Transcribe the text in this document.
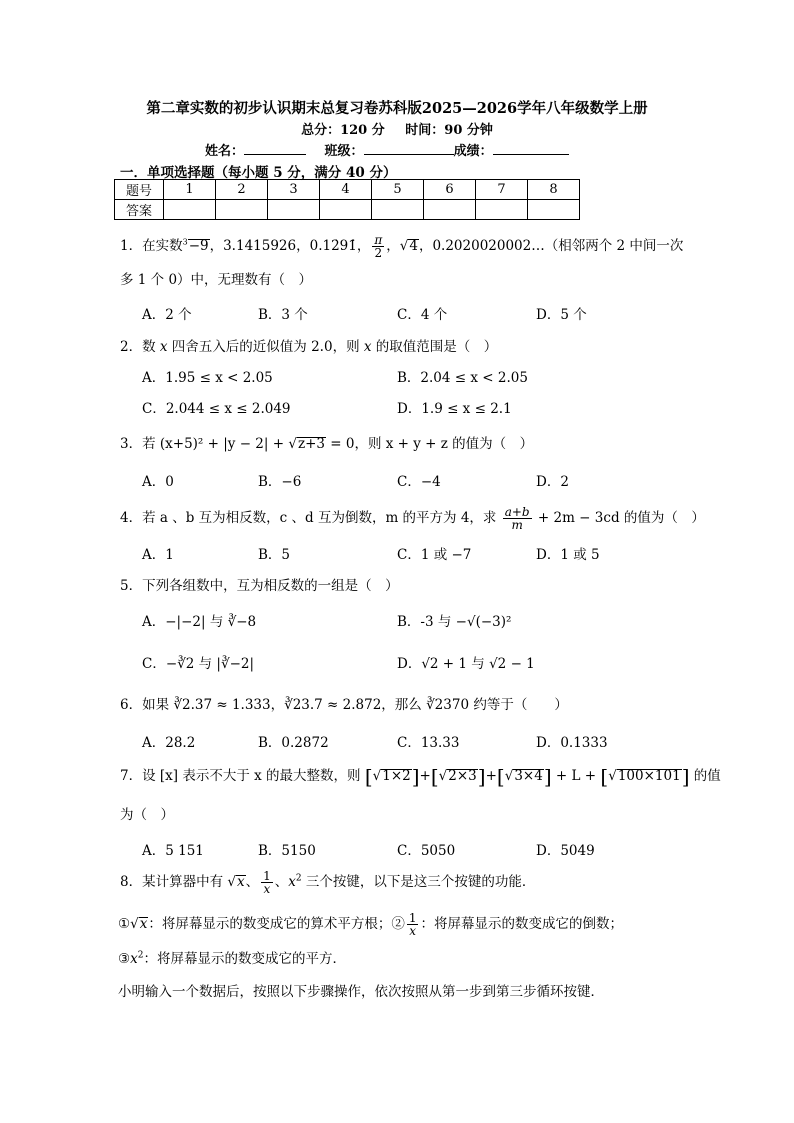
第二章实数的初步认识期末总复习卷苏科版2025—2026学年八年级数学上册
总分：120 分 时间：90 分钟
姓名：	班级：	成绩：
一．单项选择题（每小题 5 分，满分 40 分）
题号	1	2	3	4	5	6	7	8
答案								
1．在实数$^3$−9，3.1415926，0.12̇91̇， $\frac{\pi}{2}$ ，√4，0.2020020002…（相邻两个 2 中间一次
多 1 个 0）中，无理数有（　）
A．2 个	B．3 个	C．4 个	D．5 个
2．数 x 四舍五入后的近似值为 2.0，则 x 的取值范围是（　）
A．1.95 ≤ x < 2.05	B．2.04 ≤ x < 2.05
C．2.044 ≤ x ≤ 2.049	D．1.9 ≤ x ≤ 2.1
3．若 (x+5)² + |y − 2| + √z+3 = 0，则 x + y + z 的值为（　）
A．0	B．−6	C．−4	D．2
4．若 a 、b 互为相反数，c 、d 互为倒数，m 的平方为 4，求 $\frac{a+b}{m} + 2m - 3cd$ 的值为（　）
A．1	B．5	C．1 或 −7	D．1 或 5
5．下列各组数中，互为相反数的一组是（　）
A．−|−2| 与 ∛−8	B．-3 与 −√(−3)²
C．−∛2 与 |∛−2|	D．√2 + 1 与 √2 − 1
6．如果 ∛2.37 ≈ 1.333，∛23.7 ≈ 2.872，那么 ∛2370 约等于（　　）
A．28.2	B．0.2872	C．13.33	D．0.1333
7．设 [x] 表示不大于 x 的最大整数，则 [√1×2]+[√2×3]+[√3×4] + L + [√100×101] 的值
为（　）
A．5 151	B．5150	C．5050	D．5049
8．某计算器中有 √x、 $\frac{1}{x}$ 、$x^2$ 三个按键，以下是这三个按键的功能．
①√x：将屏幕显示的数变成它的算术平方根；② $\frac{1}{x}$ ：将屏幕显示的数变成它的倒数；
$③x^2$：将屏幕显示的数变成它的平方．
小明输入一个数据后，按照以下步骤操作，依次按照从第一步到第三步循环按键．
